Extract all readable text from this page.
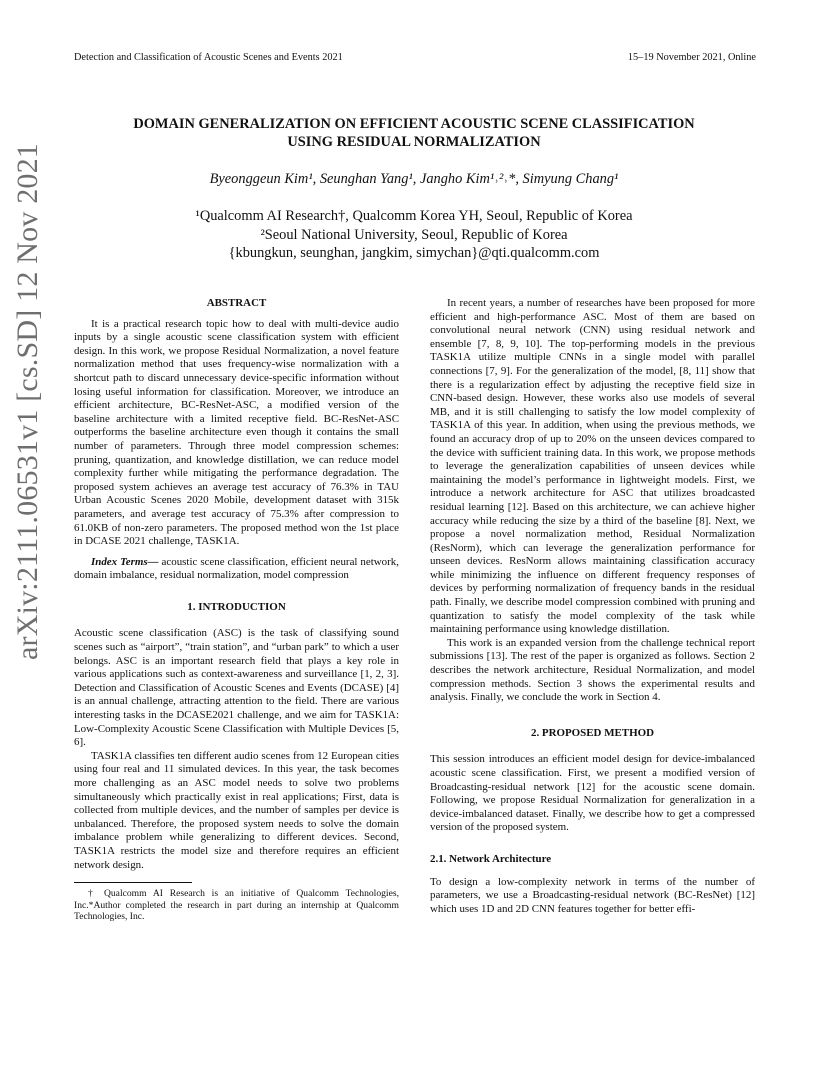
Detection and Classification of Acoustic Scenes and Events 2021	15–19 November 2021, Online
arXiv:2111.06531v1 [cs.SD] 12 Nov 2021
DOMAIN GENERALIZATION ON EFFICIENT ACOUSTIC SCENE CLASSIFICATION
USING RESIDUAL NORMALIZATION
Byeonggeun Kim¹, Seunghan Yang¹, Jangho Kim¹˒²˒*, Simyung Chang¹
¹Qualcomm AI Research†, Qualcomm Korea YH, Seoul, Republic of Korea
²Seoul National University, Seoul, Republic of Korea
{kbungkun, seunghan, jangkim, simychan}@qti.qualcomm.com
ABSTRACT

It is a practical research topic how to deal with multi-device audio inputs by a single acoustic scene classification system with efficient design. In this work, we propose Residual Normalization, a novel feature normalization method that uses frequency-wise normalization with a shortcut path to discard unnecessary device-specific information without losing useful information for classification. Moreover, we introduce an efficient architecture, BC-ResNet-ASC, a modified version of the baseline architecture with a limited receptive field. BC-ResNet-ASC outperforms the baseline architecture even though it contains the small number of parameters. Through three model compression schemes: pruning, quantization, and knowledge distillation, we can reduce model complexity further while mitigating the performance degradation. The proposed system achieves an average test accuracy of 76.3% in TAU Urban Acoustic Scenes 2020 Mobile, development dataset with 315k parameters, and average test accuracy of 75.3% after compression to 61.0KB of non-zero parameters. The proposed method won the 1st place in DCASE 2021 challenge, TASK1A.

Index Terms— acoustic scene classification, efficient neural network, domain imbalance, residual normalization, model compression

1. INTRODUCTION

Acoustic scene classification (ASC) is the task of classifying sound scenes such as “airport”, “train station”, and “urban park” to which a user belongs. ASC is an important research field that plays a key role in various applications such as context-awareness and surveillance [1, 2, 3]. Detection and Classification of Acoustic Scenes and Events (DCASE) [4] is an annual challenge, attracting attention to the field. There are various interesting tasks in the DCASE2021 challenge, and we aim for TASK1A: Low-Complexity Acoustic Scene Classification with Multiple Devices [5, 6].

TASK1A classifies ten different audio scenes from 12 European cities using four real and 11 simulated devices. In this year, the task becomes more challenging as an ASC model needs to solve two problems simultaneously which practically exist in real applications; First, data is collected from multiple devices, and the number of samples per device is unbalanced. Therefore, the proposed system needs to solve the domain imbalance problem while generalizing to different devices. Second, TASK1A restricts the model size and therefore requires an efficient network design.

† Qualcomm AI Research is an initiative of Qualcomm Technologies, Inc.*Author completed the research in part during an internship at Qualcomm Technologies, Inc.

In recent years, a number of researches have been proposed for more efficient and high-performance ASC. Most of them are based on convolutional neural network (CNN) using residual network and ensemble [7, 8, 9, 10]. The top-performing models in the previous TASK1A utilize multiple CNNs in a single model with parallel connections [7, 9]. For the generalization of the model, [8, 11] show that there is a regularization effect by adjusting the receptive field size in CNN-based design. However, these works also use models of several MB, and it is still challenging to satisfy the low model complexity of TASK1A of this year. In addition, when using the previous methods, we found an accuracy drop of up to 20% on the unseen devices compared to the device with sufficient training data. In this work, we propose methods to leverage the generalization capabilities of unseen devices while maintaining the model’s performance in lightweight models. First, we introduce a network architecture for ASC that utilizes broadcasted residual learning [12]. Based on this architecture, we can achieve higher accuracy while reducing the size by a third of the baseline [8]. Next, we propose a novel normalization method, Residual Normalization (ResNorm), which can leverage the generalization performance for unseen devices. ResNorm allows maintaining classification accuracy while minimizing the influence on different frequency responses of devices by performing normalization of frequency bands in the residual path. Finally, we describe model compression combined with pruning and quantization to satisfy the model complexity of the task while maintaining performance using knowledge distillation.

This work is an expanded version from the challenge technical report submissions [13]. The rest of the paper is organized as follows. Section 2 describes the network architecture, Residual Normalization, and model compression methods. Section 3 shows the experimental results and analysis. Finally, we conclude the work in Section 4.

2. PROPOSED METHOD

This session introduces an efficient model design for device-imbalanced acoustic scene classification. First, we present a modified version of Broadcasting-residual network [12] for the acoustic scene domain. Following, we propose Residual Normalization for generalization in a device-imbalanced dataset. Finally, we describe how to get a compressed version of the proposed system.

2.1. Network Architecture

To design a low-complexity network in terms of the number of parameters, we use a Broadcasting-residual network (BC-ResNet) [12] which uses 1D and 2D CNN features together for better effi-
